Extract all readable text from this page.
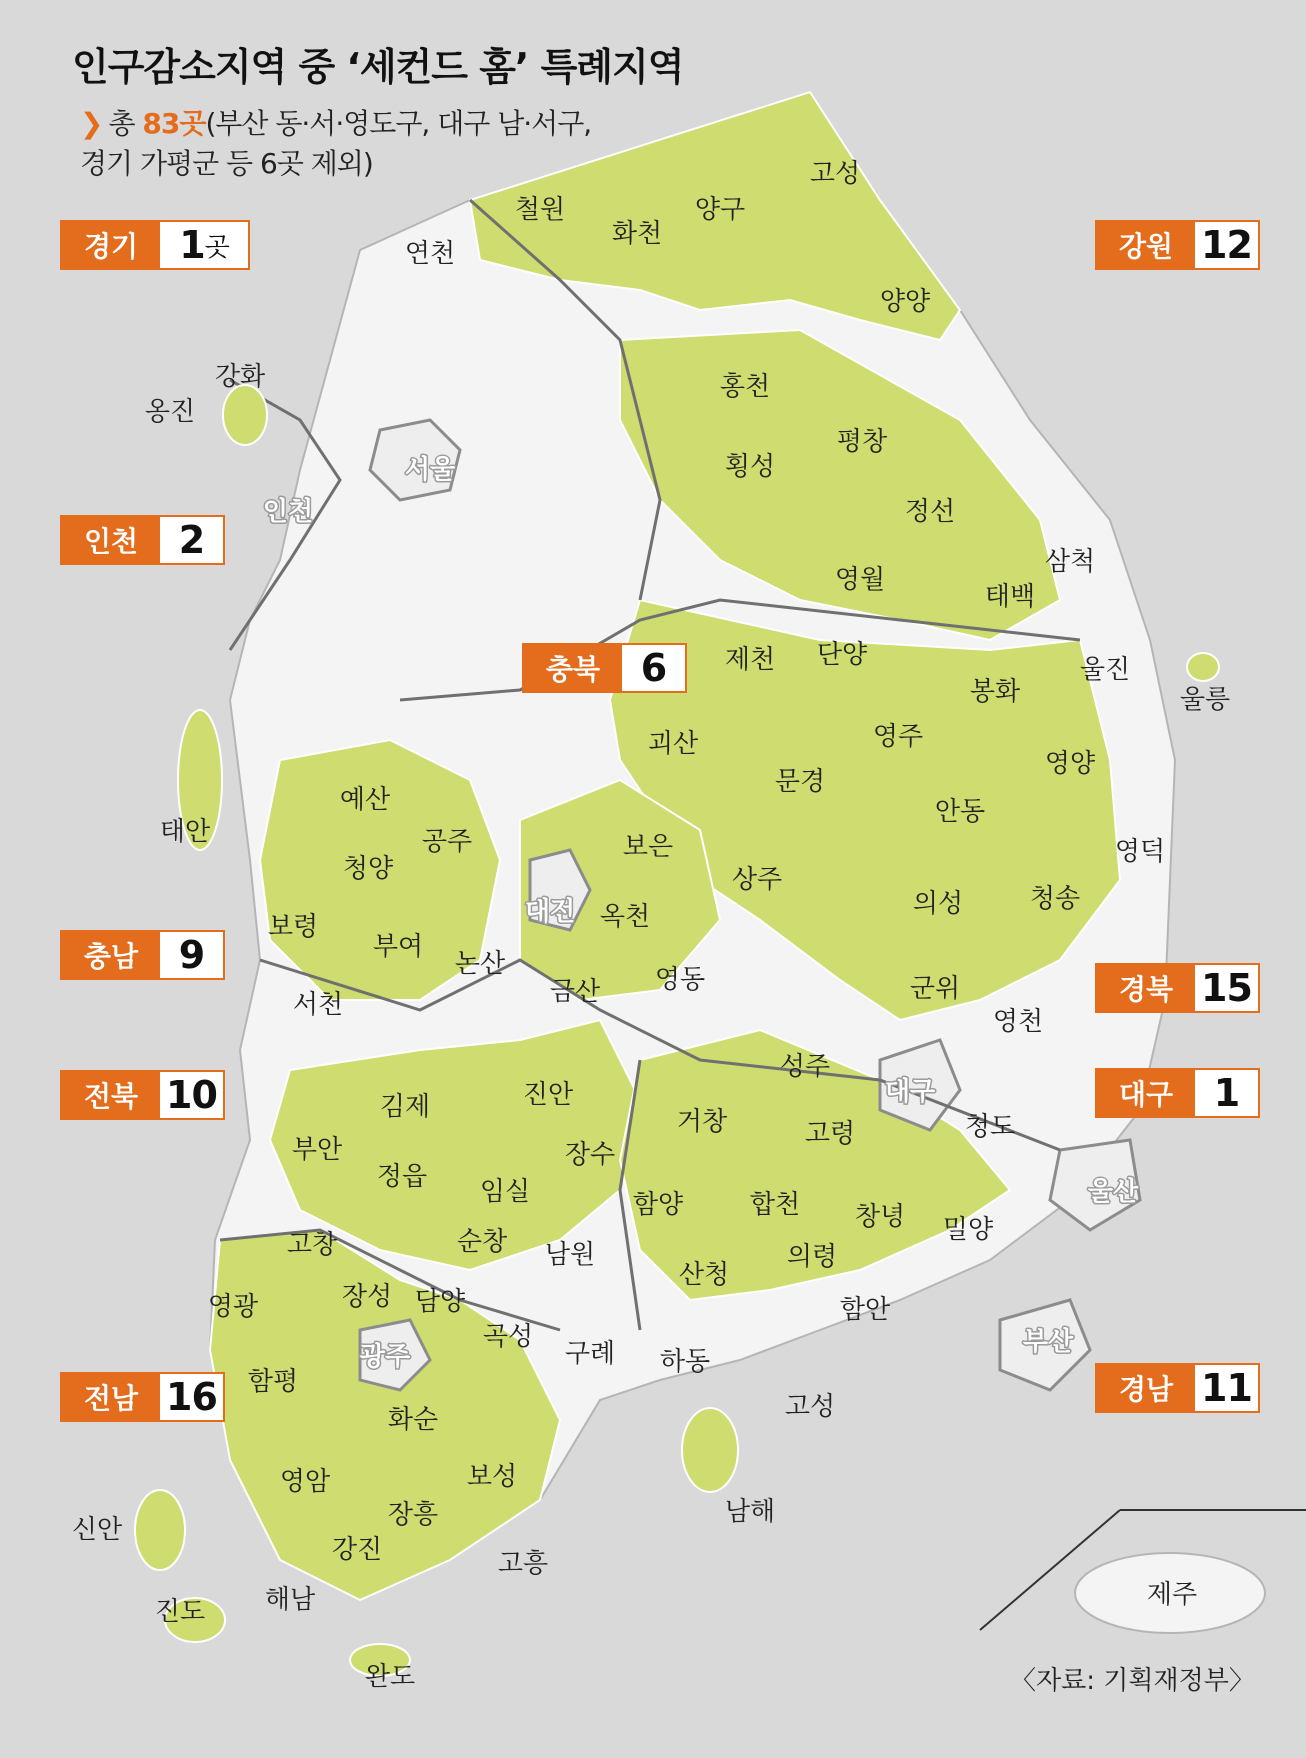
서울
인천
대전
대구
울산
광주	부산
고성
철원
화천
양구
연천
양양
강화
옹진
홍천
횡성
평창
정선
삼척
태백
영월
제천 단양	울진
울릉
봉화
영주
괴산
문경
예산
태안
영양
안동
공주	보은
청양	상주
영덕
보령	옥천	의성	청송
부여
논산
금산 영동	군위
서천
영천
성주
김제	진안
고령	청도
부안
거창
장수
정읍 임실	함양	합천 창녕 밀양
고창	순창 남원	의령
산청
영광	장성 담양	함안
곡성
구례 하동
고성
함평
화순
영암	보성
남해
장흥
신안
강진	고흥
진도 해남
완도
제주
인구감소지역 중 ‘세컨드 홈’ 특례지역
❯ 총 83곳(부산 동·서·영도구, 대구 남·서구,
경기 가평군 등 6곳 제외)
경기	1 곳
인천	2
충북	6
충남	9
전북 10
전남 16
강원 12
경북 15
대구	1
경남 11
〈자료: 기획재정부〉
